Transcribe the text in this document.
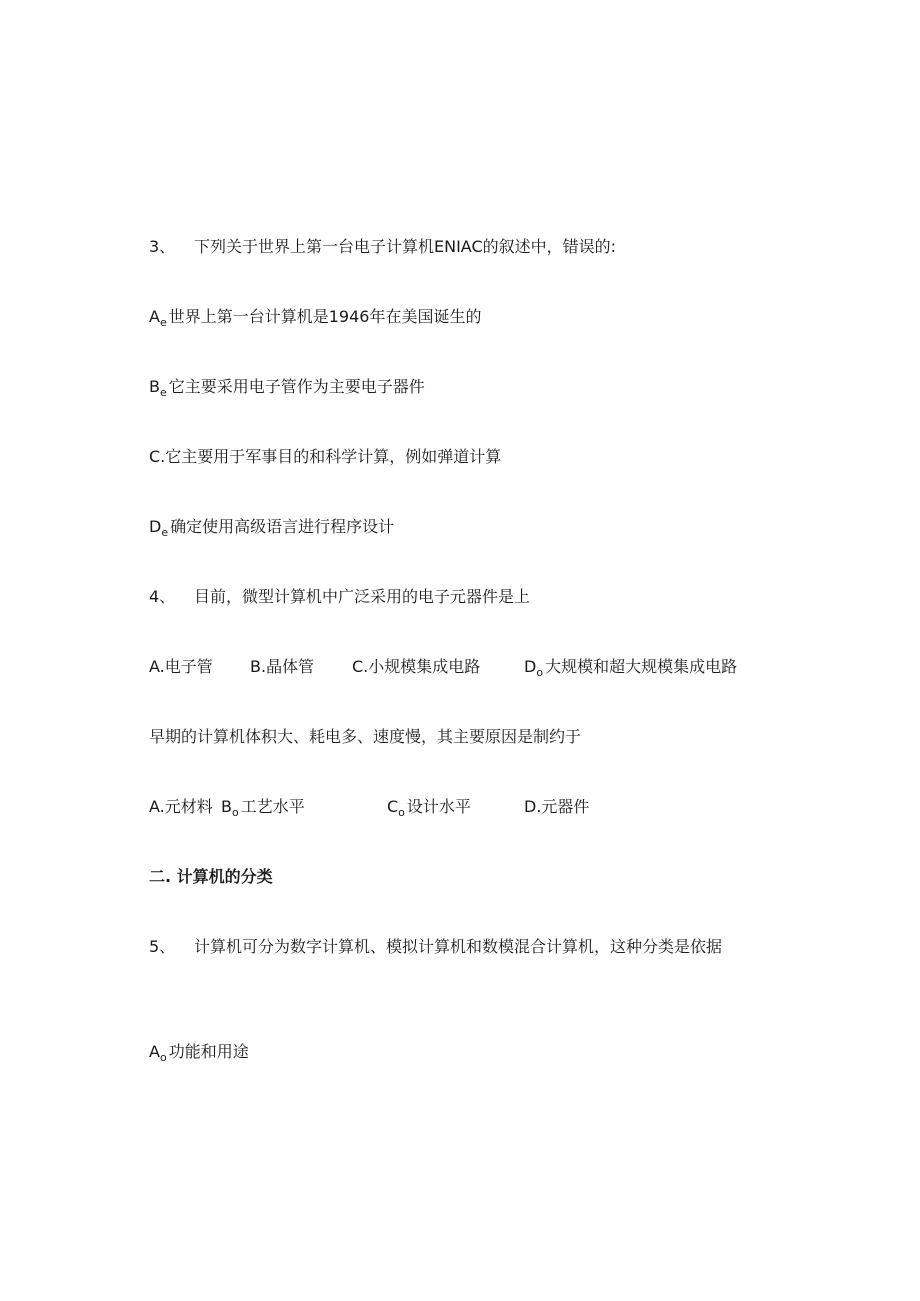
3、 下列关于世界上第一台电子计算机ENIAC的叙述中，错误的:
$A_e$ 世界上第一台计算机是1946年在美国诞生的
$B_e$ 它主要采用电子管作为主要电子器件
C.它主要用于军事目的和科学计算，例如弹道计算
$D_e$ 确定使用高级语言进行程序设计
4、 目前，微型计算机中广泛采用的电子元器件是上
A.电子管 B.晶体管 C.小规模集成电路	$D_o$ 大规模和超大规模集成电路
早期的计算机体积大、耗电多、速度慢，其主要原因是制约于
A.元材料 $B_o$ 工艺水平	$C_o$ 设计水平	D.元器件
二. 计算机的分类
5、 计算机可分为数字计算机、模拟计算机和数模混合计算机，这种分类是依据
$A_o$ 功能和用途
